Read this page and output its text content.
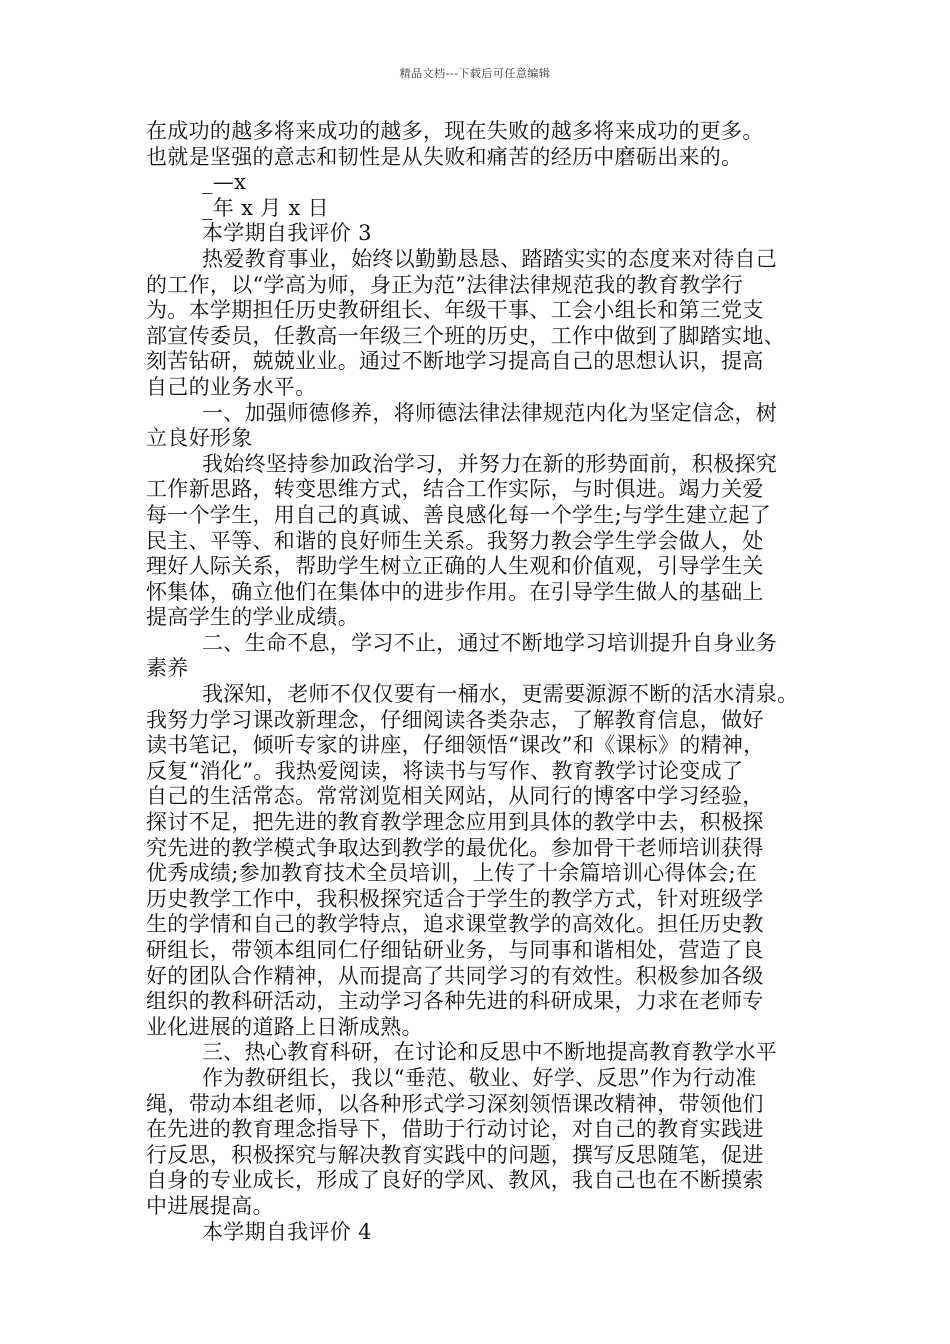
精品文档---下载后可任意编辑
在成功的越多将来成功的越多，现在失败的越多将来成功的更多。
也就是坚强的意志和韧性是从失败和痛苦的经历中磨砺出来的。
_—x
_年 x 月 x 日
本学期自我评价 3
热爱教育事业，始终以勤勤恳恳、踏踏实实的态度来对待自己
的工作，以“学高为师，身正为范”法律法律规范我的教育教学行
为。本学期担任历史教研组长、年级干事、工会小组长和第三党支
部宣传委员，任教高一年级三个班的历史，工作中做到了脚踏实地、
刻苦钻研，兢兢业业。通过不断地学习提高自己的思想认识，提高
自己的业务水平。
一、加强师德修养，将师德法律法律规范内化为坚定信念，树
立良好形象
我始终坚持参加政治学习，并努力在新的形势面前，积极探究
工作新思路，转变思维方式，结合工作实际，与时俱进。竭力关爱
每一个学生，用自己的真诚、善良感化每一个学生;与学生建立起了
民主、平等、和谐的良好师生关系。我努力教会学生学会做人，处
理好人际关系，帮助学生树立正确的人生观和价值观，引导学生关
怀集体，确立他们在集体中的进步作用。在引导学生做人的基础上
提高学生的学业成绩。
二、生命不息，学习不止，通过不断地学习培训提升自身业务
素养
我深知，老师不仅仅要有一桶水，更需要源源不断的活水清泉。
我努力学习课改新理念，仔细阅读各类杂志，了解教育信息，做好
读书笔记，倾听专家的讲座，仔细领悟“课改”和《课标》的精神，
反复“消化”。我热爱阅读，将读书与写作、教育教学讨论变成了
自己的生活常态。常常浏览相关网站，从同行的博客中学习经验，
探讨不足，把先进的教育教学理念应用到具体的教学中去，积极探
究先进的教学模式争取达到教学的最优化。参加骨干老师培训获得
优秀成绩;参加教育技术全员培训，上传了十余篇培训心得体会;在
历史教学工作中，我积极探究适合于学生的教学方式，针对班级学
生的学情和自己的教学特点，追求课堂教学的高效化。担任历史教
研组长，带领本组同仁仔细钻研业务，与同事和谐相处，营造了良
好的团队合作精神，从而提高了共同学习的有效性。积极参加各级
组织的教科研活动，主动学习各种先进的科研成果，力求在老师专
业化进展的道路上日渐成熟。
三、热心教育科研，在讨论和反思中不断地提高教育教学水平
作为教研组长，我以“垂范、敬业、好学、反思”作为行动准
绳，带动本组老师，以各种形式学习深刻领悟课改精神，带领他们
在先进的教育理念指导下，借助于行动讨论，对自己的教育实践进
行反思，积极探究与解决教育实践中的问题，撰写反思随笔，促进
自身的专业成长，形成了良好的学风、教风，我自己也在不断摸索
中进展提高。
本学期自我评价 4
